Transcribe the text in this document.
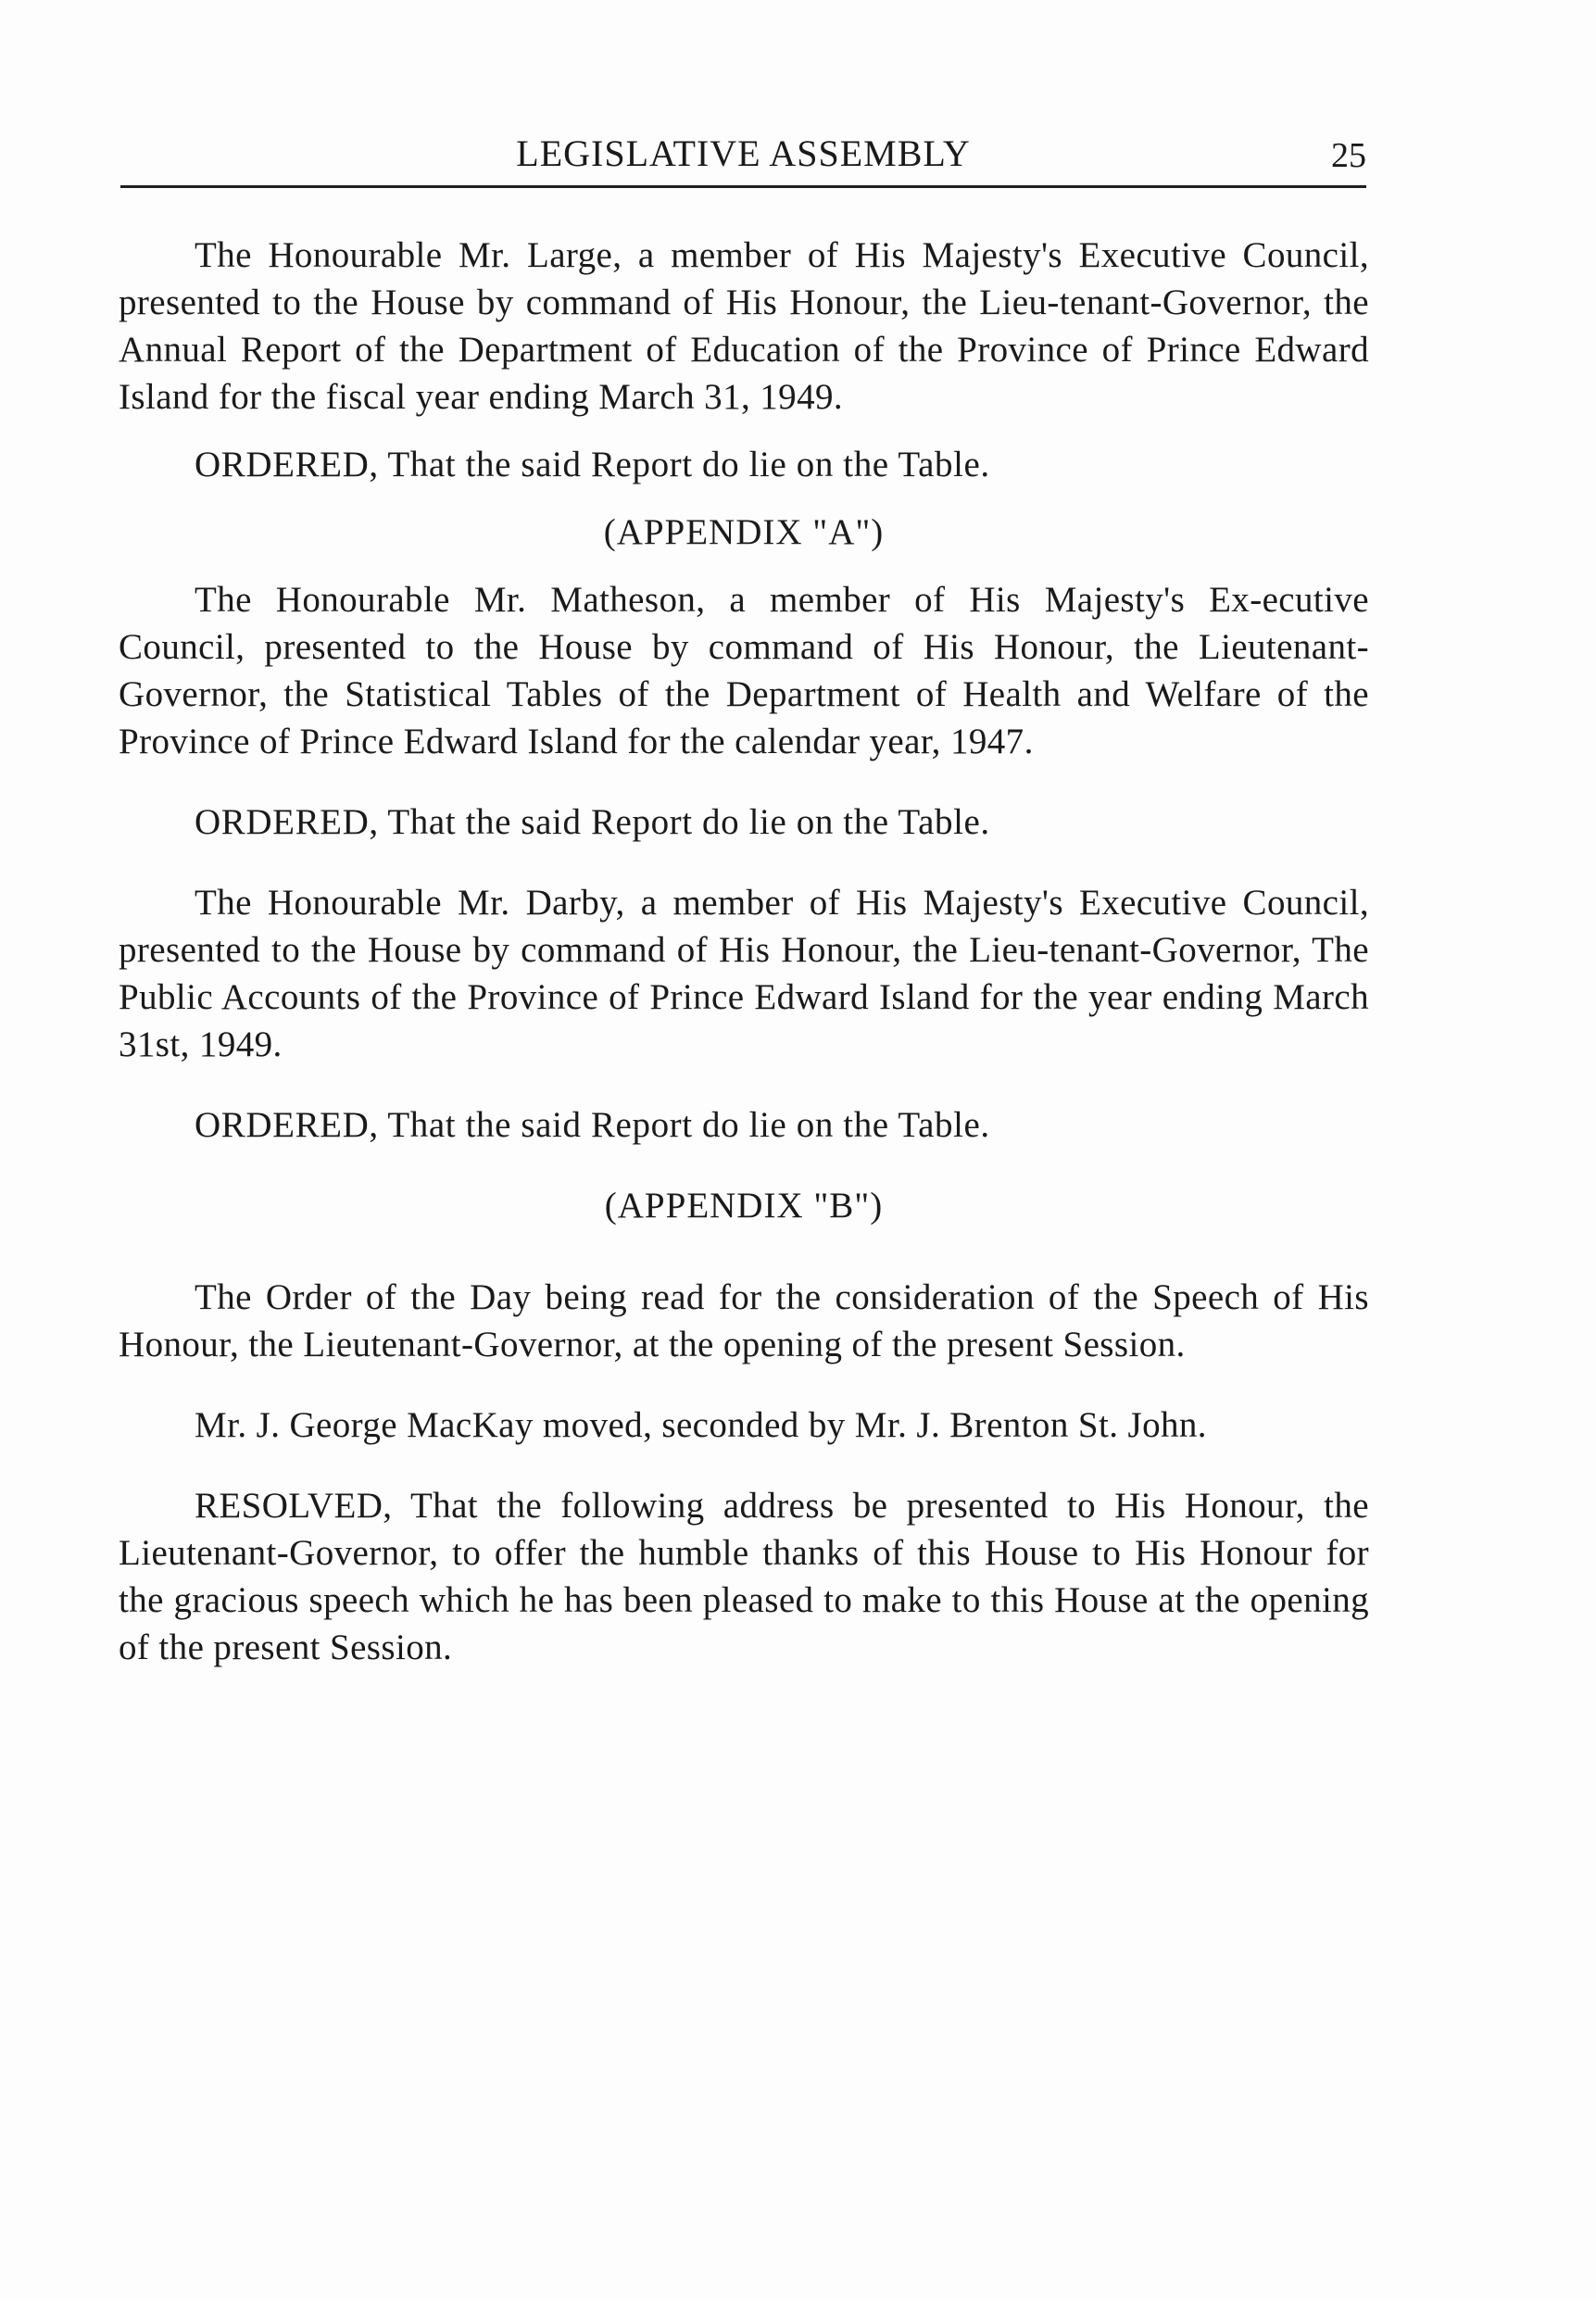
LEGISLATIVE ASSEMBLY	25

The Honourable Mr. Large, a member of His Majesty's Executive Council, presented to the House by command of His Honour, the Lieu-tenant-Governor, the Annual Report of the Department of Education of the Province of Prince Edward Island for the fiscal year ending March 31, 1949.

ORDERED, That the said Report do lie on the Table.

(APPENDIX "A")

The Honourable Mr. Matheson, a member of His Majesty's Ex-ecutive Council, presented to the House by command of His Honour, the Lieutenant-Governor, the Statistical Tables of the Department of Health and Welfare of the Province of Prince Edward Island for the calendar year, 1947.

ORDERED, That the said Report do lie on the Table.

The Honourable Mr. Darby, a member of His Majesty's Executive Council, presented to the House by command of His Honour, the Lieu-tenant-Governor, The Public Accounts of the Province of Prince Edward Island for the year ending March 31st, 1949.

ORDERED, That the said Report do lie on the Table.

(APPENDIX "B")

The Order of the Day being read for the consideration of the Speech of His Honour, the Lieutenant-Governor, at the opening of the present Session.

Mr. J. George MacKay moved, seconded by Mr. J. Brenton St. John.

RESOLVED, That the following address be presented to His Honour, the Lieutenant-Governor, to offer the humble thanks of this House to His Honour for the gracious speech which he has been pleased to make to this House at the opening of the present Session.
